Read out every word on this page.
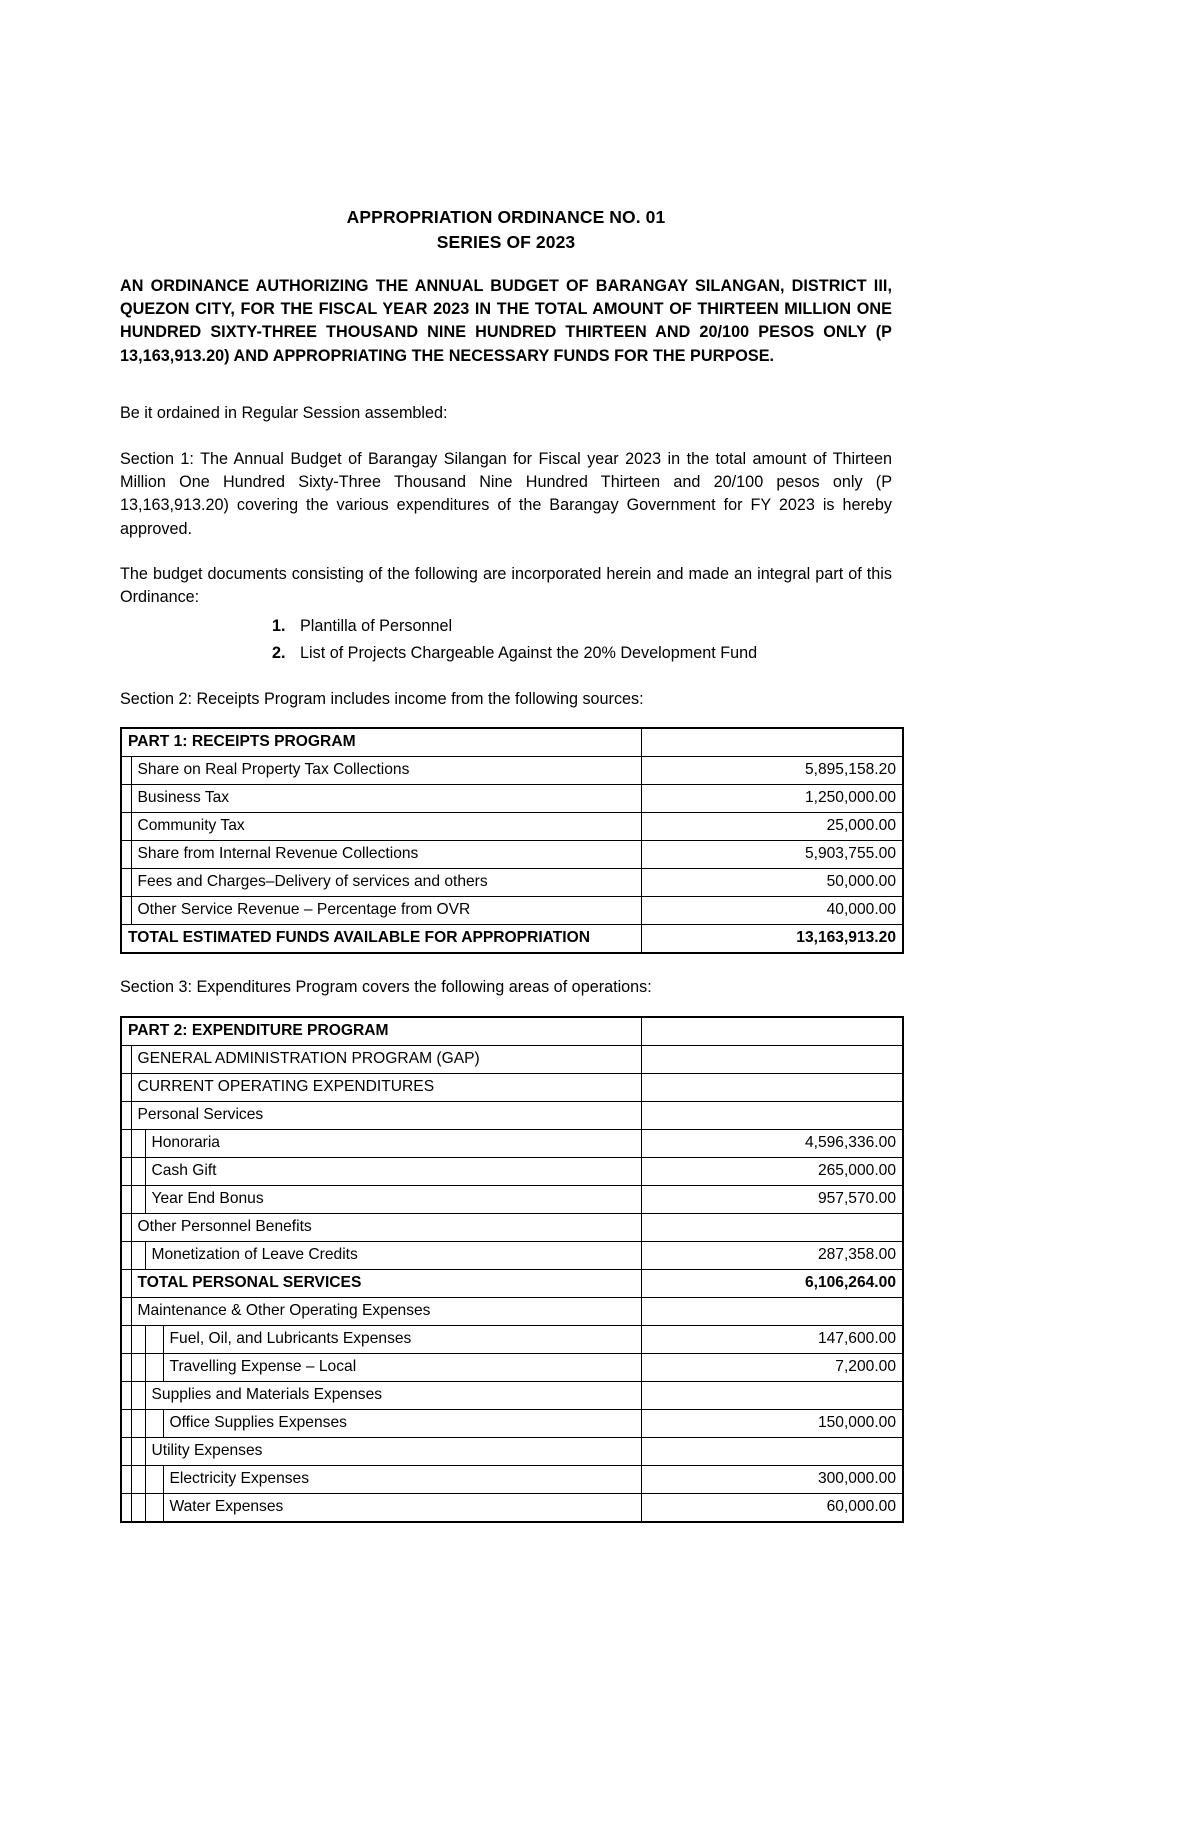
APPROPRIATION ORDINANCE NO. 01
SERIES OF 2023

AN ORDINANCE AUTHORIZING THE ANNUAL BUDGET OF BARANGAY SILANGAN, DISTRICT III, QUEZON CITY, FOR THE FISCAL YEAR 2023 IN THE TOTAL AMOUNT OF THIRTEEN MILLION ONE HUNDRED SIXTY-THREE THOUSAND NINE HUNDRED THIRTEEN AND 20/100 PESOS ONLY (P 13,163,913.20) AND APPROPRIATING THE NECESSARY FUNDS FOR THE PURPOSE.

Be it ordained in Regular Session assembled:

Section 1: The Annual Budget of Barangay Silangan for Fiscal year 2023 in the total amount of Thirteen Million One Hundred Sixty-Three Thousand Nine Hundred Thirteen and 20/100 pesos only (P 13,163,913.20) covering the various expenditures of the Barangay Government for FY 2023 is hereby approved.

The budget documents consisting of the following are incorporated herein and made an integral part of this Ordinance:

1. Plantilla of Personnel
2. List of Projects Chargeable Against the 20% Development Fund

Section 2: Receipts Program includes income from the following sources:

PART 1: RECEIPTS PROGRAM		
	Share on Real Property Tax Collections	5,895,158.20
	Business Tax	1,250,000.00
	Community Tax	25,000.00
	Share from Internal Revenue Collections	5,903,755.00
	Fees and Charges–Delivery of services and others	50,000.00
	Other Service Revenue – Percentage from OVR	40,000.00
TOTAL ESTIMATED FUNDS AVAILABLE FOR APPROPRIATION		13,163,913.20

Section 3: Expenditures Program covers the following areas of operations:

PART 2: EXPENDITURE PROGRAM				
	GENERAL ADMINISTRATION PROGRAM (GAP)			
	CURRENT OPERATING EXPENDITURES			
	Personal Services			
		Honoraria		4,596,336.00
		Cash Gift		265,000.00
		Year End Bonus		957,570.00
	Other Personnel Benefits			
		Monetization of Leave Credits		287,358.00
	TOTAL PERSONAL SERVICES			6,106,264.00
	Maintenance & Other Operating Expenses			
			Fuel, Oil, and Lubricants Expenses	147,600.00
			Travelling Expense – Local	7,200.00
		Supplies and Materials Expenses		
			Office Supplies Expenses	150,000.00
		Utility Expenses		
			Electricity Expenses	300,000.00
			Water Expenses	60,000.00
